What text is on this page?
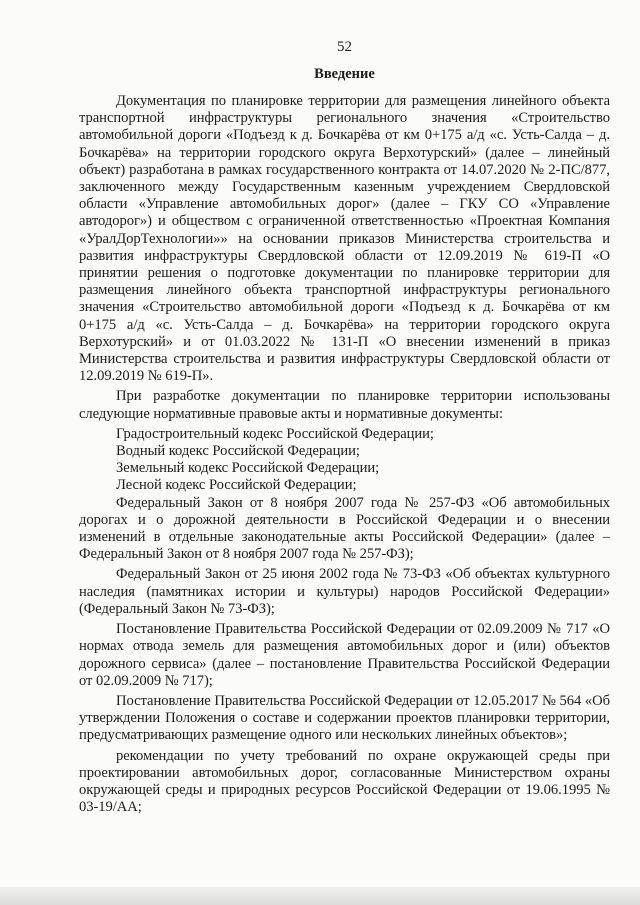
52
Введение

Документация по планировке территории для размещения линейного объекта транспортной инфраструктуры регионального значения «Строительство автомобильной дороги «Подъезд к д. Бочкарёва от км 0+175 а/д «с. Усть-Салда – д. Бочкарёва» на территории городского округа Верхотурский» (далее – линейный объект) разработана в рамках государственного контракта от 14.07.2020 № 2-ПС/877, заключенного между Государственным казенным учреждением Свердловской области «Управление автомобильных дорог» (далее – ГКУ СО «Управление автодорог») и обществом с ограниченной ответственностью «Проектная Компания «УралДорТехнологии»» на основании приказов Министерства строительства и развития инфраструктуры Свердловской области от 12.09.2019 № 619-П «О принятии решения о подготовке документации по планировке территории для размещения линейного объекта транспортной инфраструктуры регионального значения «Строительство автомобильной дороги «Подъезд к д. Бочкарёва от км 0+175 а/д «с. Усть-Салда – д. Бочкарёва» на территории городского округа Верхотурский» и от 01.03.2022 № 131-П «О внесении изменений в приказ Министерства строительства и развития инфраструктуры Свердловской области от 12.09.2019 № 619-П».

При разработке документации по планировке территории использованы следующие нормативные правовые акты и нормативные документы:

Градостроительный кодекс Российской Федерации;

Водный кодекс Российской Федерации;

Земельный кодекс Российской Федерации;

Лесной кодекс Российской Федерации;

Федеральный Закон от 8 ноября 2007 года № 257-ФЗ «Об автомобильных дорогах и о дорожной деятельности в Российской Федерации и о внесении изменений в отдельные законодательные акты Российской Федерации» (далее – Федеральный Закон от 8 ноября 2007 года № 257-ФЗ);

Федеральный Закон от 25 июня 2002 года № 73-ФЗ «Об объектах культурного наследия (памятниках истории и культуры) народов Российской Федерации» (Федеральный Закон № 73-ФЗ);

Постановление Правительства Российской Федерации от 02.09.2009 № 717 «О нормах отвода земель для размещения автомобильных дорог и (или) объектов дорожного сервиса» (далее – постановление Правительства Российской Федерации от 02.09.2009 № 717);

Постановление Правительства Российской Федерации от 12.05.2017 № 564 «Об утверждении Положения о составе и содержании проектов планировки территории, предусматривающих размещение одного или нескольких линейных объектов»;

рекомендации по учету требований по охране окружающей среды при проектировании автомобильных дорог, согласованные Министерством охраны окружающей среды и природных ресурсов Российской Федерации от 19.06.1995 № 03-19/АА;
